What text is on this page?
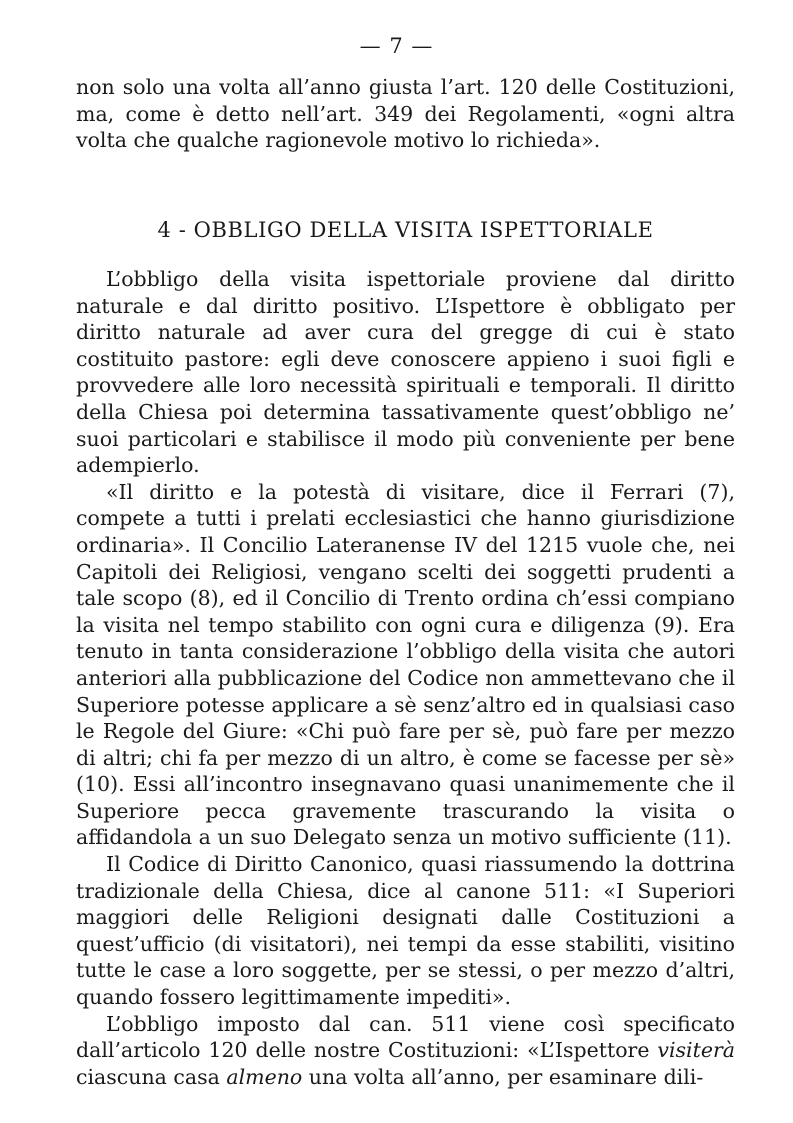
— 7 —

non solo una volta all’anno giusta l’art. 120 delle Costituzioni, ma, come è detto nell’art. 349 dei Regolamenti, «ogni altra volta che qualche ragionevole motivo lo richieda».

4 - OBBLIGO DELLA VISITA ISPETTORIALE

L’obbligo della visita ispettoriale proviene dal diritto naturale e dal diritto positivo. L’Ispettore è obbligato per diritto naturale ad aver cura del gregge di cui è stato costituito pastore: egli deve conoscere appieno i suoi figli e provvedere alle loro necessità spirituali e temporali. Il diritto della Chiesa poi determina tassativamente quest’obbligo ne’ suoi particolari e stabilisce il modo più conveniente per bene adempierlo.

«Il diritto e la potestà di visitare, dice il Ferrari (7), compete a tutti i prelati ecclesiastici che hanno giurisdizione ordinaria». Il Concilio Lateranense IV del 1215 vuole che, nei Capitoli dei Religiosi, vengano scelti dei soggetti prudenti a tale scopo (8), ed il Concilio di Trento ordina ch’essi compiano la visita nel tempo stabilito con ogni cura e diligenza (9). Era tenuto in tanta considerazione l’obbligo della visita che autori anteriori alla pubblicazione del Codice non ammettevano che il Superiore potesse applicare a sè senz’altro ed in qualsiasi caso le Regole del Giure: «Chi può fare per sè, può fare per mezzo di altri; chi fa per mezzo di un altro, è come se facesse per sè» (10). Essi all’incontro insegnavano quasi unanimemente che il Superiore pecca gravemente trascurando la visita o affidandola a un suo Delegato senza un motivo sufficiente (11).

Il Codice di Diritto Canonico, quasi riassumendo la dottrina tradizionale della Chiesa, dice al canone 511: «I Superiori maggiori delle Religioni designati dalle Costituzioni a quest’ufficio (di visitatori), nei tempi da esse stabiliti, visitino tutte le case a loro soggette, per se stessi, o per mezzo d’altri, quando fossero legittimamente impediti».

L’obbligo imposto dal can. 511 viene così specificato dall’articolo 120 delle nostre Costituzioni: «L’Ispettore visiterà ciascuna casa almeno una volta all’anno, per esaminare dili-
